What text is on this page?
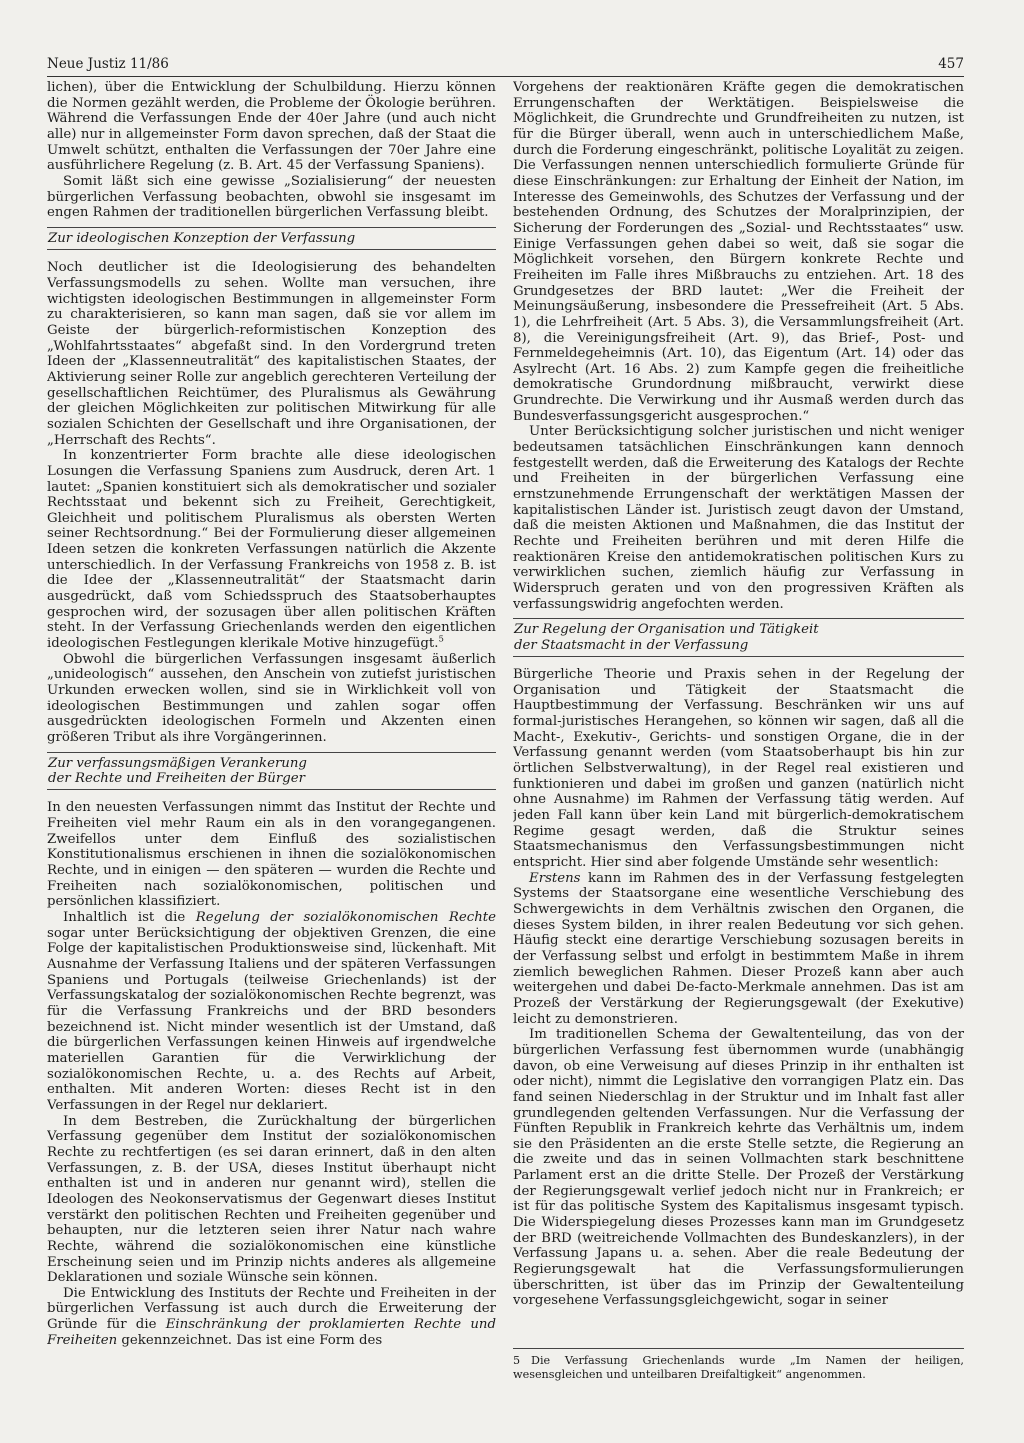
Neue Justiz 11/86	457

lichen), über die Entwicklung der Schulbildung. Hierzu können die Normen gezählt werden, die Probleme der Ökologie berühren. Während die Verfassungen Ende der 40er Jahre (und auch nicht alle) nur in allgemeinster Form davon sprechen, daß der Staat die Umwelt schützt, enthalten die Verfassungen der 70er Jahre eine ausführlichere Regelung (z. B. Art. 45 der Verfassung Spaniens).

Somit läßt sich eine gewisse „Sozialisierung“ der neuesten bürgerlichen Verfassung beobachten, obwohl sie insgesamt im engen Rahmen der traditionellen bürgerlichen Verfassung bleibt.

Zur ideologischen Konzeption der Verfassung

Noch deutlicher ist die Ideologisierung des behandelten Verfassungsmodells zu sehen. Wollte man versuchen, ihre wichtigsten ideologischen Bestimmungen in allgemeinster Form zu charakterisieren, so kann man sagen, daß sie vor allem im Geiste der bürgerlich-reformistischen Konzeption des „Wohlfahrtsstaates“ abgefaßt sind. In den Vordergrund treten Ideen der „Klassenneutralität“ des kapitalistischen Staates, der Aktivierung seiner Rolle zur angeblich gerechteren Verteilung der gesellschaftlichen Reichtümer, des Pluralismus als Gewährung der gleichen Möglichkeiten zur politischen Mitwirkung für alle sozialen Schichten der Gesellschaft und ihre Organisationen, der „Herrschaft des Rechts“.

In konzentrierter Form brachte alle diese ideologischen Losungen die Verfassung Spaniens zum Ausdruck, deren Art. 1 lautet: „Spanien konstituiert sich als demokratischer und sozialer Rechtsstaat und bekennt sich zu Freiheit, Gerechtigkeit, Gleichheit und politischem Pluralismus als obersten Werten seiner Rechtsordnung.“ Bei der Formulierung dieser allgemeinen Ideen setzen die konkreten Verfassungen natürlich die Akzente unterschiedlich. In der Verfassung Frankreichs von 1958 z. B. ist die Idee der „Klassenneutralität“ der Staatsmacht darin ausgedrückt, daß vom Schiedsspruch des Staatsoberhauptes gesprochen wird, der sozusagen über allen politischen Kräften steht. In der Verfassung Griechenlands werden den eigentlichen ideologischen Festlegungen klerikale Motive hinzugefügt.$^5$

Obwohl die bürgerlichen Verfassungen insgesamt äußerlich „unideologisch“ aussehen, den Anschein von zutiefst juristischen Urkunden erwecken wollen, sind sie in Wirklichkeit voll von ideologischen Bestimmungen und zahlen sogar offen ausgedrückten ideologischen Formeln und Akzenten einen größeren Tribut als ihre Vorgängerinnen.

Zur verfassungsmäßigen Verankerung
der Rechte und Freiheiten der Bürger

In den neuesten Verfassungen nimmt das Institut der Rechte und Freiheiten viel mehr Raum ein als in den vorangegangenen. Zweifellos unter dem Einfluß des sozialistischen Konstitutionalismus erschienen in ihnen die sozialökonomischen Rechte, und in einigen — den späteren — wurden die Rechte und Freiheiten nach sozialökonomischen, politischen und persönlichen klassifiziert.

Inhaltlich ist die Regelung der sozialökonomischen Rechte sogar unter Berücksichtigung der objektiven Grenzen, die eine Folge der kapitalistischen Produktionsweise sind, lückenhaft. Mit Ausnahme der Verfassung Italiens und der späteren Verfassungen Spaniens und Portugals (teilweise Griechenlands) ist der Verfassungskatalog der sozialökonomischen Rechte begrenzt, was für die Verfassung Frankreichs und der BRD besonders bezeichnend ist. Nicht minder wesentlich ist der Umstand, daß die bürgerlichen Verfassungen keinen Hinweis auf irgendwelche materiellen Garantien für die Verwirklichung der sozialökonomischen Rechte, u. a. des Rechts auf Arbeit, enthalten. Mit anderen Worten: dieses Recht ist in den Verfassungen in der Regel nur deklariert.

In dem Bestreben, die Zurückhaltung der bürgerlichen Verfassung gegenüber dem Institut der sozialökonomischen Rechte zu rechtfertigen (es sei daran erinnert, daß in den alten Verfassungen, z. B. der USA, dieses Institut überhaupt nicht enthalten ist und in anderen nur genannt wird), stellen die Ideologen des Neokonservatismus der Gegenwart dieses Institut verstärkt den politischen Rechten und Freiheiten gegenüber und behaupten, nur die letzteren seien ihrer Natur nach wahre Rechte, während die sozialökonomischen eine künstliche Erscheinung seien und im Prinzip nichts anderes als allgemeine Deklarationen und soziale Wünsche sein können.

Die Entwicklung des Instituts der Rechte und Freiheiten in der bürgerlichen Verfassung ist auch durch die Erweiterung der Gründe für die Einschränkung der proklamierten Rechte und Freiheiten gekennzeichnet. Das ist eine Form des

Vorgehens der reaktionären Kräfte gegen die demokratischen Errungenschaften der Werktätigen. Beispielsweise die Möglichkeit, die Grundrechte und Grundfreiheiten zu nutzen, ist für die Bürger überall, wenn auch in unterschiedlichem Maße, durch die Forderung eingeschränkt, politische Loyalität zu zeigen. Die Verfassungen nennen unterschiedlich formulierte Gründe für diese Einschränkungen: zur Erhaltung der Einheit der Nation, im Interesse des Gemeinwohls, des Schutzes der Verfassung und der bestehenden Ordnung, des Schutzes der Moralprinzipien, der Sicherung der Forderungen des „Sozial- und Rechtsstaates“ usw. Einige Verfassungen gehen dabei so weit, daß sie sogar die Möglichkeit vorsehen, den Bürgern konkrete Rechte und Freiheiten im Falle ihres Mißbrauchs zu entziehen. Art. 18 des Grundgesetzes der BRD lautet: „Wer die Freiheit der Meinungsäußerung, insbesondere die Pressefreiheit (Art. 5 Abs. 1), die Lehrfreiheit (Art. 5 Abs. 3), die Versammlungsfreiheit (Art. 8), die Vereinigungsfreiheit (Art. 9), das Brief-, Post- und Fernmeldegeheimnis (Art. 10), das Eigentum (Art. 14) oder das Asylrecht (Art. 16 Abs. 2) zum Kampfe gegen die freiheitliche demokratische Grundordnung mißbraucht, verwirkt diese Grundrechte. Die Verwirkung und ihr Ausmaß werden durch das Bundesverfassungsgericht ausgesprochen.“

Unter Berücksichtigung solcher juristischen und nicht weniger bedeutsamen tatsächlichen Einschränkungen kann dennoch festgestellt werden, daß die Erweiterung des Katalogs der Rechte und Freiheiten in der bürgerlichen Verfassung eine ernstzunehmende Errungenschaft der werktätigen Massen der kapitalistischen Länder ist. Juristisch zeugt davon der Umstand, daß die meisten Aktionen und Maßnahmen, die das Institut der Rechte und Freiheiten berühren und mit deren Hilfe die reaktionären Kreise den antidemokratischen politischen Kurs zu verwirklichen suchen, ziemlich häufig zur Verfassung in Widerspruch geraten und von den progressiven Kräften als verfassungswidrig angefochten werden.

Zur Regelung der Organisation und Tätigkeit
der Staatsmacht in der Verfassung

Bürgerliche Theorie und Praxis sehen in der Regelung der Organisation und Tätigkeit der Staatsmacht die Hauptbestimmung der Verfassung. Beschränken wir uns auf formal-juristisches Herangehen, so können wir sagen, daß all die Macht-, Exekutiv-, Gerichts- und sonstigen Organe, die in der Verfassung genannt werden (vom Staatsoberhaupt bis hin zur örtlichen Selbstverwaltung), in der Regel real existieren und funktionieren und dabei im großen und ganzen (natürlich nicht ohne Ausnahme) im Rahmen der Verfassung tätig werden. Auf jeden Fall kann über kein Land mit bürgerlich-demokratischem Regime gesagt werden, daß die Struktur seines Staatsmechanismus den Verfassungsbestimmungen nicht entspricht. Hier sind aber folgende Umstände sehr wesentlich:

Erstens kann im Rahmen des in der Verfassung festgelegten Systems der Staatsorgane eine wesentliche Verschiebung des Schwergewichts in dem Verhältnis zwischen den Organen, die dieses System bilden, in ihrer realen Bedeutung vor sich gehen. Häufig steckt eine derartige Verschiebung sozusagen bereits in der Verfassung selbst und erfolgt in bestimmtem Maße in ihrem ziemlich beweglichen Rahmen. Dieser Prozeß kann aber auch weitergehen und dabei De-facto-Merkmale annehmen. Das ist am Prozeß der Verstärkung der Regierungsgewalt (der Exekutive) leicht zu demonstrieren.

Im traditionellen Schema der Gewaltenteilung, das von der bürgerlichen Verfassung fest übernommen wurde (unabhängig davon, ob eine Verweisung auf dieses Prinzip in ihr enthalten ist oder nicht), nimmt die Legislative den vorrangigen Platz ein. Das fand seinen Niederschlag in der Struktur und im Inhalt fast aller grundlegenden geltenden Verfassungen. Nur die Verfassung der Fünften Republik in Frankreich kehrte das Verhältnis um, indem sie den Präsidenten an die erste Stelle setzte, die Regierung an die zweite und das in seinen Vollmachten stark beschnittene Parlament erst an die dritte Stelle. Der Prozeß der Verstärkung der Regierungsgewalt verlief jedoch nicht nur in Frankreich; er ist für das politische System des Kapitalismus insgesamt typisch. Die Widerspiegelung dieses Prozesses kann man im Grundgesetz der BRD (weitreichende Vollmachten des Bundeskanzlers), in der Verfassung Japans u. a. sehen. Aber die reale Bedeutung der Regierungsgewalt hat die Verfassungsformulierungen überschritten, ist über das im Prinzip der Gewaltenteilung vorgesehene Verfassungsgleichgewicht, sogar in seiner

5 Die Verfassung Griechenlands wurde „Im Namen der heiligen, wesensgleichen und unteilbaren Dreifaltigkeit“ angenommen.
